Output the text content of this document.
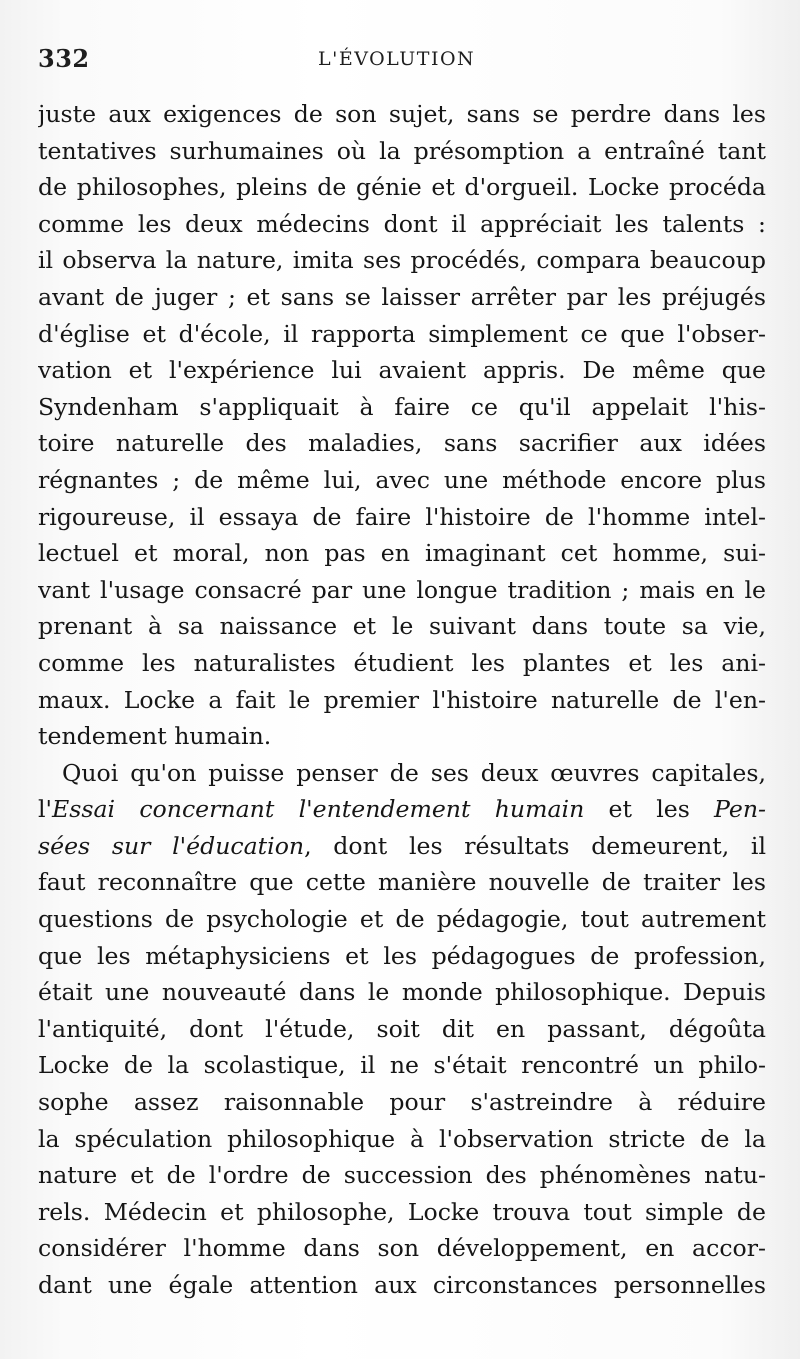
332	L'ÉVOLUTION
juste aux exigences de son sujet, sans se perdre dans les
tentatives surhumaines où la présomption a entraîné tant
de philosophes, pleins de génie et d'orgueil. Locke procéda
comme les deux médecins dont il appréciait les talents :
il observa la nature, imita ses procédés, compara beaucoup
avant de juger ; et sans se laisser arrêter par les préjugés
d'église et d'école, il rapporta simplement ce que l'obser-
vation et l'expérience lui avaient appris. De même que
Syndenham s'appliquait à faire ce qu'il appelait l'his-
toire naturelle des maladies, sans sacrifier aux idées
régnantes ; de même lui, avec une méthode encore plus
rigoureuse, il essaya de faire l'histoire de l'homme intel-
lectuel et moral, non pas en imaginant cet homme, sui-
vant l'usage consacré par une longue tradition ; mais en le
prenant à sa naissance et le suivant dans toute sa vie,
comme les naturalistes étudient les plantes et les ani-
maux. Locke a fait le premier l'histoire naturelle de l'en-
tendement humain.
Quoi qu'on puisse penser de ses deux œuvres capitales,
l'Essai concernant l'entendement humain et les Pen-
sées sur l'éducation, dont les résultats demeurent, il
faut reconnaître que cette manière nouvelle de traiter les
questions de psychologie et de pédagogie, tout autrement
que les métaphysiciens et les pédagogues de profession,
était une nouveauté dans le monde philosophique. Depuis
l'antiquité, dont l'étude, soit dit en passant, dégoûta
Locke de la scolastique, il ne s'était rencontré un philo-
sophe assez raisonnable pour s'astreindre à réduire
la spéculation philosophique à l'observation stricte de la
nature et de l'ordre de succession des phénomènes natu-
rels. Médecin et philosophe, Locke trouva tout simple de
considérer l'homme dans son développement, en accor-
dant une égale attention aux circonstances personnelles
